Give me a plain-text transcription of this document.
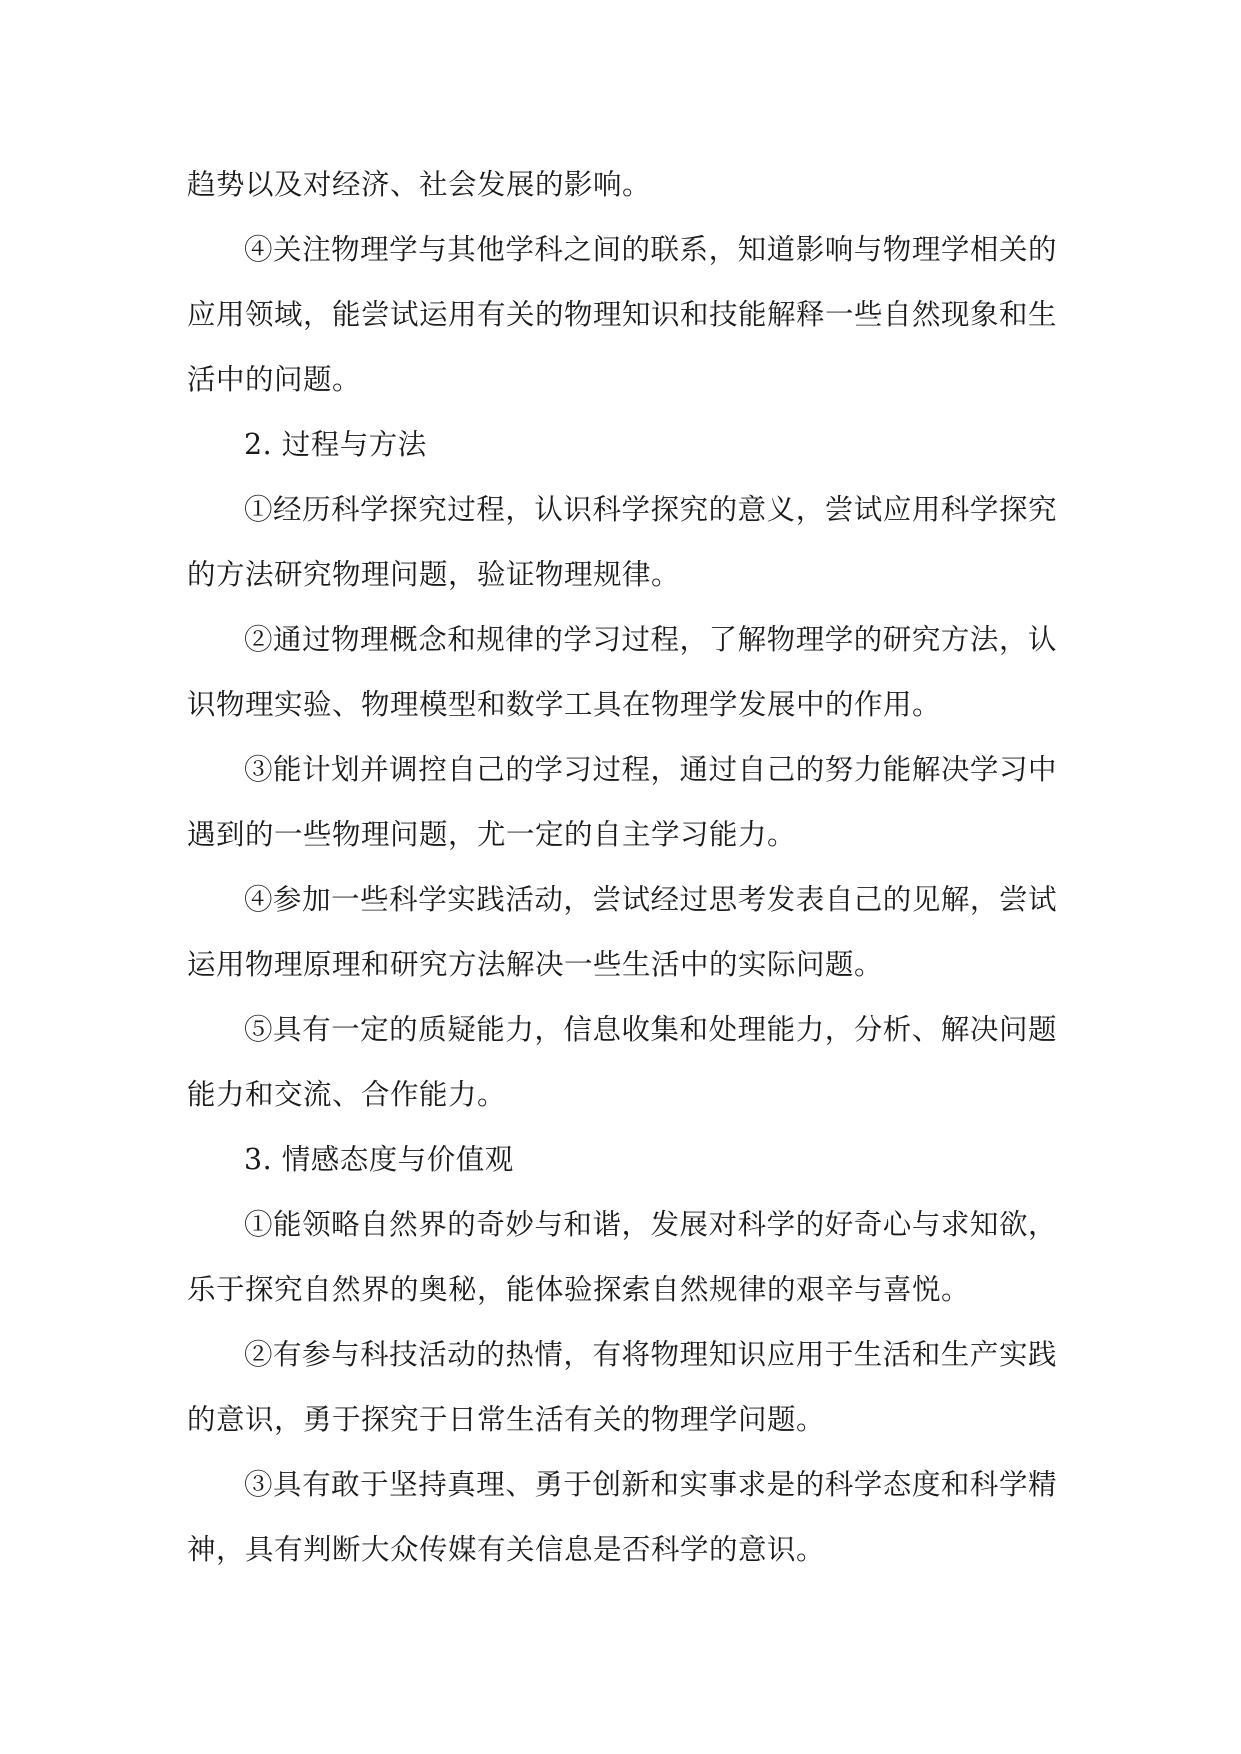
趋势以及对经济、社会发展的影响。

④关注物理学与其他学科之间的联系，知道影响与物理学相关的应用领域，能尝试运用有关的物理知识和技能解释一些自然现象和生活中的问题。

2. 过程与方法

①经历科学探究过程，认识科学探究的意义，尝试应用科学探究的方法研究物理问题，验证物理规律。

②通过物理概念和规律的学习过程，了解物理学的研究方法，认识物理实验、物理模型和数学工具在物理学发展中的作用。

③能计划并调控自己的学习过程，通过自己的努力能解决学习中遇到的一些物理问题，尤一定的自主学习能力。

④参加一些科学实践活动，尝试经过思考发表自己的见解，尝试运用物理原理和研究方法解决一些生活中的实际问题。

⑤具有一定的质疑能力，信息收集和处理能力，分析、解决问题能力和交流、合作能力。

3. 情感态度与价值观

①能领略自然界的奇妙与和谐，发展对科学的好奇心与求知欲，乐于探究自然界的奥秘，能体验探索自然规律的艰辛与喜悦。

②有参与科技活动的热情，有将物理知识应用于生活和生产实践的意识，勇于探究于日常生活有关的物理学问题。

③具有敢于坚持真理、勇于创新和实事求是的科学态度和科学精神，具有判断大众传媒有关信息是否科学的意识。
